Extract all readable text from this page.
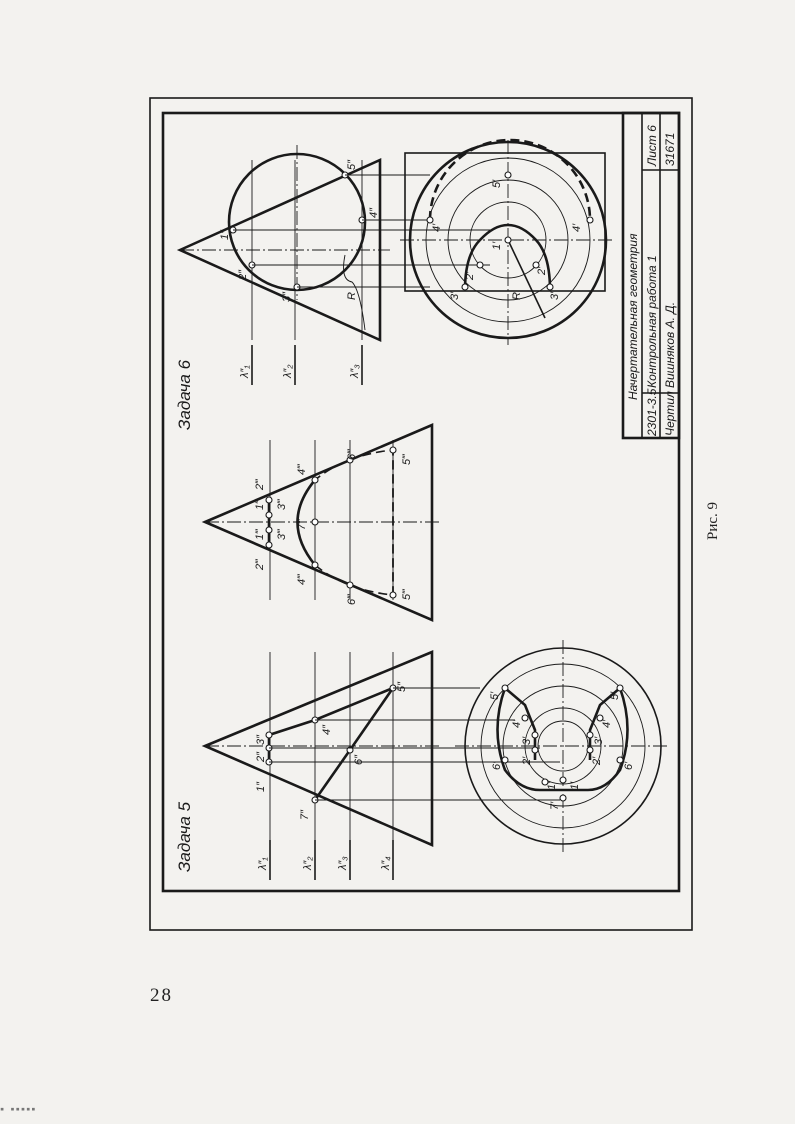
Начертательная геометрия
2301-3.5
Контрольная работа 1
Лист 6
Чертил
Вишняков А. Д.
31671
Задача 5	λ″₁	λ″₂ λ″₃	λ″₄
1″
2″
3″
4″
5″
6″
7″
1′
2′
3′
4′
5′
6′
7′
1′
2′
3′
4′
5′
6′
1‴
2‴
3‴
4‴
5‴
6‴
7‴
1‴
2‴
3‴
4‴
5‴
6‴
Задача 6	λ″₁	λ″₂	λ″₃
1″
2″
3″
4″
5″
R
1′
2′
3′
4′
5′
2′
3′
4′
R
Рис. 9
28
▪ ▪▪▪▪▪
